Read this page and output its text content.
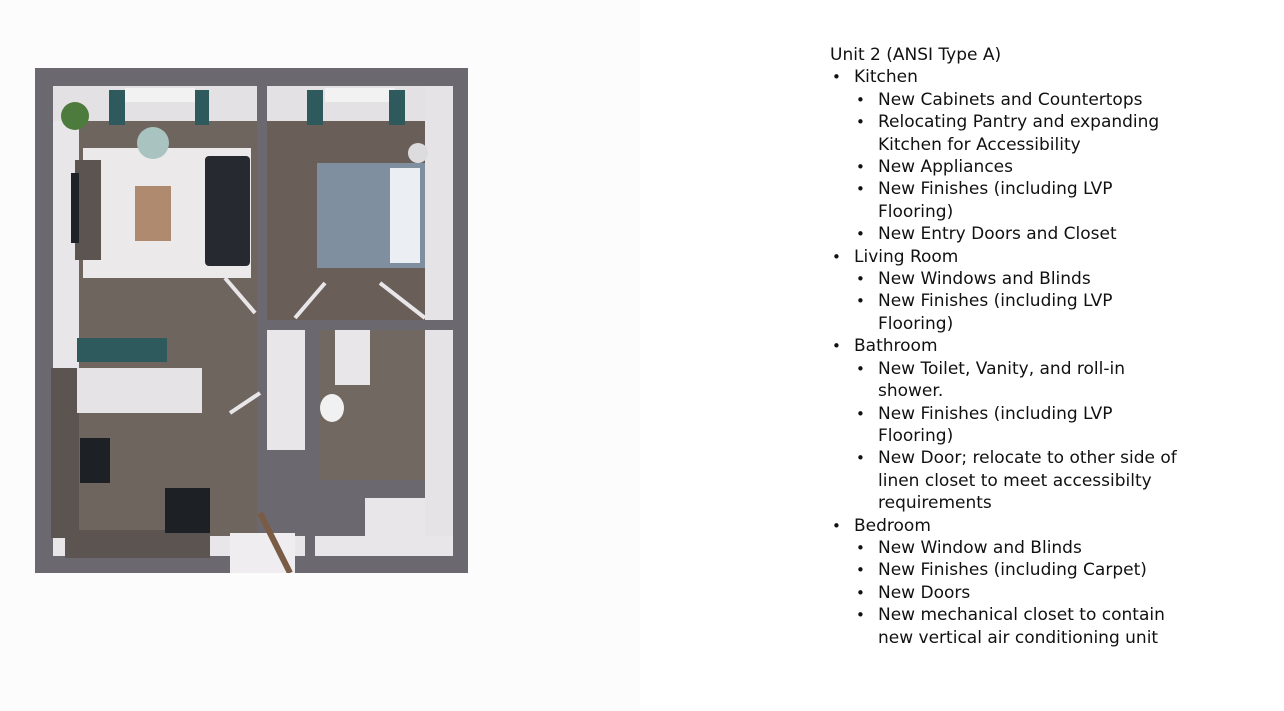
Unit 2 (ANSI Type A)
• Kitchen
• New Cabinets and Countertops
• Relocating Pantry and expanding Kitchen for Accessibility
• New Appliances
• New Finishes (including LVP Flooring)
• New Entry Doors and Closet
• Living Room
• New Windows and Blinds
• New Finishes (including LVP Flooring)
• Bathroom
• New Toilet, Vanity, and roll-in shower.
• New Finishes (including LVP Flooring)
• New Door; relocate to other side of linen closet to meet accessibilty requirements
• Bedroom
• New Window and Blinds
• New Finishes (including Carpet)
• New Doors
• New mechanical closet to contain new vertical air conditioning unit
